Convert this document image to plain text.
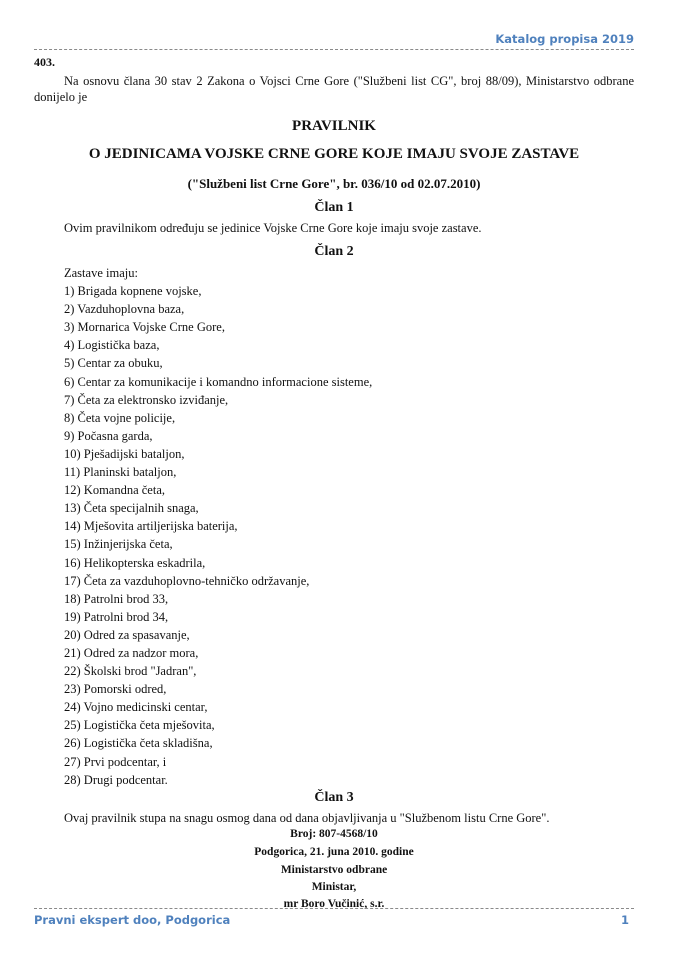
Katalog propisa 2019
403.
Na osnovu člana 30 stav 2 Zakona o Vojsci Crne Gore ("Službeni list CG", broj 88/09), Ministarstvo odbrane donijelo je
PRAVILNIK
O JEDINICAMA VOJSKE CRNE GORE KOJE IMAJU SVOJE ZASTAVE
("Službeni list Crne Gore", br. 036/10 od 02.07.2010)
Član 1
Ovim pravilnikom određuju se jedinice Vojske Crne Gore koje imaju svoje zastave.
Član 2
Zastave imaju:
1) Brigada kopnene vojske,
2) Vazduhoplovna baza,
3) Mornarica Vojske Crne Gore,
4) Logistička baza,
5) Centar za obuku,
6) Centar za komunikacije i komandno informacione sisteme,
7) Četa za elektronsko izviđanje,
8) Četa vojne policije,
9) Počasna garda,
10) Pješadijski bataljon,
11) Planinski bataljon,
12) Komandna četa,
13) Četa specijalnih snaga,
14) Mješovita artiljerijska baterija,
15) Inžinjerijska četa,
16) Helikopterska eskadrila,
17) Četa za vazduhoplovno-tehničko održavanje,
18) Patrolni brod 33,
19) Patrolni brod 34,
20) Odred za spasavanje,
21) Odred za nadzor mora,
22) Školski brod "Jadran",
23) Pomorski odred,
24) Vojno medicinski centar,
25) Logistička četa mješovita,
26) Logistička četa skladišna,
27) Prvi podcentar, i
28) Drugi podcentar.
Član 3
Ovaj pravilnik stupa na snagu osmog dana od dana objavljivanja u "Službenom listu Crne Gore".
Broj: 807-4568/10
Podgorica, 21. juna 2010. godine
Ministarstvo odbrane
Ministar,
mr Boro Vučinić, s.r.
Pravni ekspert doo, Podgorica	1
